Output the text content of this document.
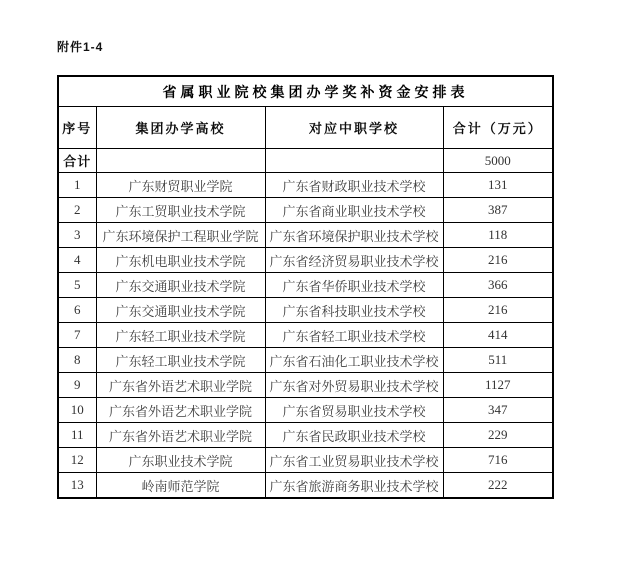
附件1-4
省属职业院校集团办学奖补资金安排表			
序号	集团办学高校	对应中职学校	合计（万元）
合计			5000
1	广东财贸职业学院	广东省财政职业技术学校	131
2	广东工贸职业技术学院	广东省商业职业技术学校	387
3	广东环境保护工程职业学院	广东省环境保护职业技术学校	118
4	广东机电职业技术学院	广东省经济贸易职业技术学校	216
5	广东交通职业技术学院	广东省华侨职业技术学校	366
6	广东交通职业技术学院	广东省科技职业技术学校	216
7	广东轻工职业技术学院	广东省轻工职业技术学校	414
8	广东轻工职业技术学院	广东省石油化工职业技术学校	511
9	广东省外语艺术职业学院	广东省对外贸易职业技术学校	1127
10	广东省外语艺术职业学院	广东省贸易职业技术学校	347
11	广东省外语艺术职业学院	广东省民政职业技术学校	229
12	广东职业技术学院	广东省工业贸易职业技术学校	716
13	岭南师范学院	广东省旅游商务职业技术学校	222
